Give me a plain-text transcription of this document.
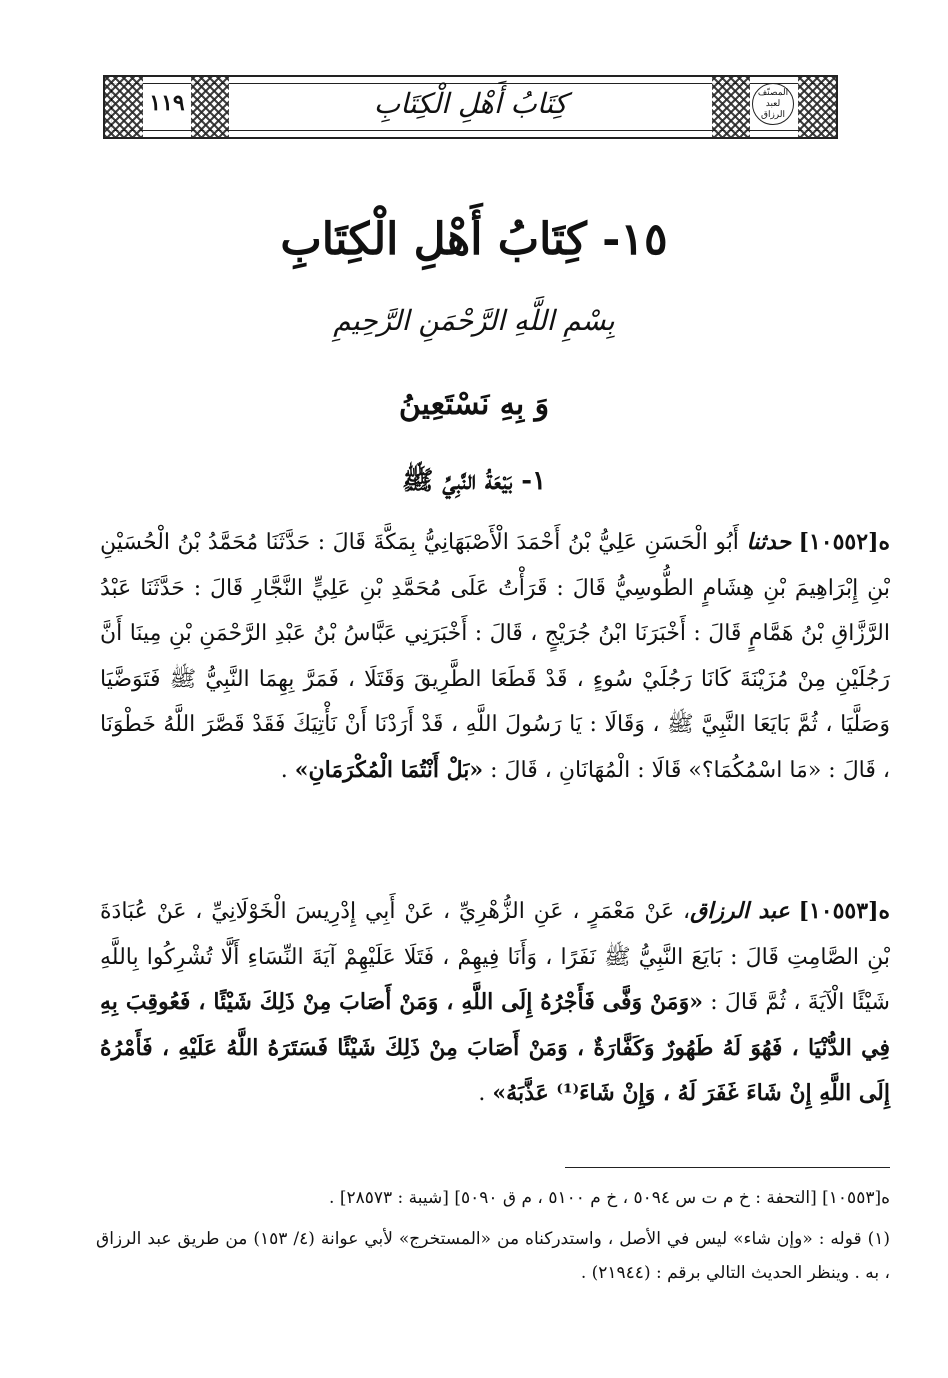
١١٩	كِتَابُ أَهْلِ الْكِتَابِ	المصنّف
لعبد الرزاق
١٥- كِتَابُ أَهْلِ الْكِتَابِ
بِسْمِ اللَّهِ الرَّحْمَنِ الرَّحِيمِ
وَ بِهِ نَسْتَعِينُ
١- بَيْعَةُ النَّبِيِّ ﷺ
ه[١٠٥٥٢] حدثنا أَبُو الْحَسَنِ عَلِيُّ بْنُ أَحْمَدَ الْأَصْبَهَانِيُّ بِمَكَّةَ قَالَ : حَدَّثَنَا مُحَمَّدُ بْنُ الْحُسَيْنِ بْنِ إِبْرَاهِيمَ بْنِ هِشَامٍ الطُّوسِيُّ قَالَ : قَرَأْتُ عَلَى مُحَمَّدِ بْنِ عَلِيٍّ النَّجَّارِ قَالَ : حَدَّثَنَا عَبْدُ الرَّزَّاقِ بْنُ هَمَّامٍ قَالَ : أَخْبَرَنَا ابْنُ جُرَيْجٍ ، قَالَ : أَخْبَرَنِي عَبَّاسُ بْنُ عَبْدِ الرَّحْمَنِ بْنِ مِينَا أَنَّ رَجُلَيْنِ مِنْ مُزَيْنَةَ كَانَا رَجُلَيْ سُوءٍ ، قَدْ قَطَعَا الطَّرِيقَ وَقَتَلَا ، فَمَرَّ بِهِمَا النَّبِيُّ ﷺ فَتَوَضَّيَا وَصَلَّيَا ، ثُمَّ بَايَعَا النَّبِيَّ ﷺ ، وَقَالَا : يَا رَسُولَ اللَّهِ ، قَدْ أَرَدْنَا أَنْ نَأْتِيَكَ فَقَدْ قَصَّرَ اللَّهُ خَطْوَنَا ، قَالَ : «مَا اسْمُكُمَا؟» قَالَا : الْمُهَانَانِ ، قَالَ : «بَلْ أَنْتُمَا الْمُكْرَمَانِ» .
ه[١٠٥٥٣] عبد الرزاق، عَنْ مَعْمَرٍ ، عَنِ الزُّهْرِيِّ ، عَنْ أَبِي إِدْرِيسَ الْخَوْلَانِيِّ ، عَنْ عُبَادَةَ بْنِ الصَّامِتِ قَالَ : بَايَعَ النَّبِيُّ ﷺ نَفَرًا ، وَأَنَا فِيهِمْ ، فَتَلَا عَلَيْهِمْ آيَةَ النِّسَاءِ أَلَّا تُشْرِكُوا بِاللَّهِ شَيْئًا الْآيَةَ ، ثُمَّ قَالَ : «وَمَنْ وَفَّى فَأَجْرُهُ إِلَى اللَّهِ ، وَمَنْ أَصَابَ مِنْ ذَلِكَ شَيْئًا ، فَعُوقِبَ بِهِ فِي الدُّنْيَا ، فَهُوَ لَهُ طَهُورٌ وَكَفَّارَةٌ ، وَمَنْ أَصَابَ مِنْ ذَلِكَ شَيْئًا فَسَتَرَهُ اللَّهُ عَلَيْهِ ، فَأَمْرُهُ إِلَى اللَّهِ إِنْ شَاءَ غَفَرَ لَهُ ، وَإِنْ شَاءَ⁽¹⁾ عَذَّبَهُ» .
ه[١٠٥٥٣] [التحفة : خ م ت س ٥٠٩٤ ، خ م ٥١٠٠ ، م ق ٥٠٩٠] [شيبة : ٢٨٥٧٣] .
(١) قوله : «وإن شاء» ليس في الأصل ، واستدركناه من «المستخرج» لأبي عوانة (٤/ ١٥٣) من طريق عبد الرزاق ، به . وينظر الحديث التالي برقم : (٢١٩٤٤) .
